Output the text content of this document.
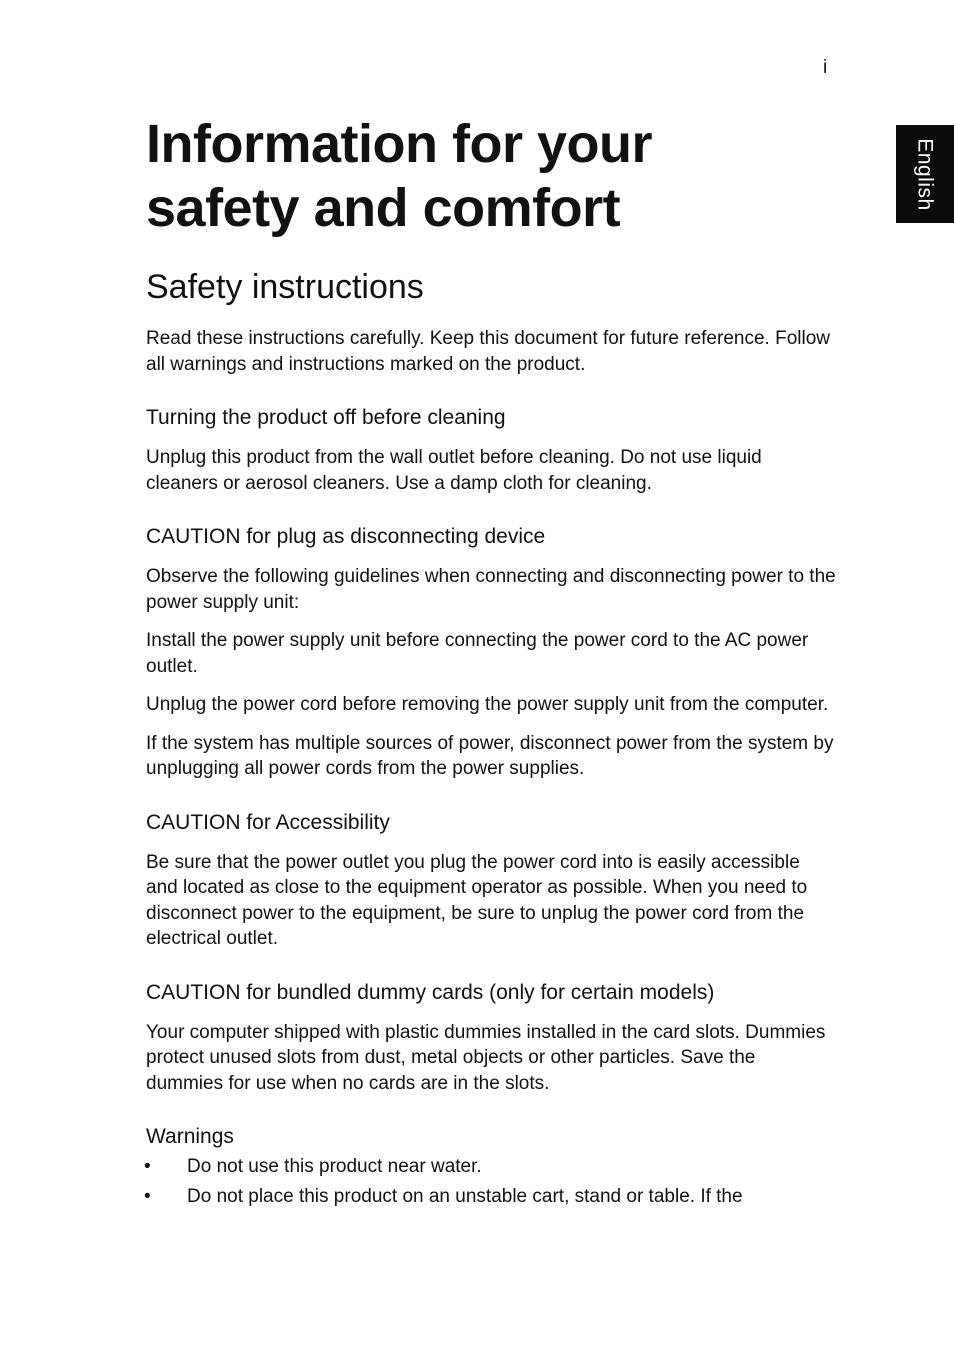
i
English
Information for your
safety and comfort
Safety instructions

Read these instructions carefully. Keep this document for future reference. Follow all warnings and instructions marked on the product.

Turning the product off before cleaning

Unplug this product from the wall outlet before cleaning. Do not use liquid cleaners or aerosol cleaners. Use a damp cloth for cleaning.

CAUTION for plug as disconnecting device

Observe the following guidelines when connecting and disconnecting power to the power supply unit:

Install the power supply unit before connecting the power cord to the AC power outlet.

Unplug the power cord before removing the power supply unit from the computer.

If the system has multiple sources of power, disconnect power from the system by unplugging all power cords from the power supplies.

CAUTION for Accessibility

Be sure that the power outlet you plug the power cord into is easily accessible and located as close to the equipment operator as possible. When you need to disconnect power to the equipment, be sure to unplug the power cord from the electrical outlet.

CAUTION for bundled dummy cards (only for certain models)

Your computer shipped with plastic dummies installed in the card slots. Dummies protect unused slots from dust, metal objects or other particles. Save the dummies for use when no cards are in the slots.

Warnings
• Do not use this product near water.
• Do not place this product on an unstable cart, stand or table. If the
